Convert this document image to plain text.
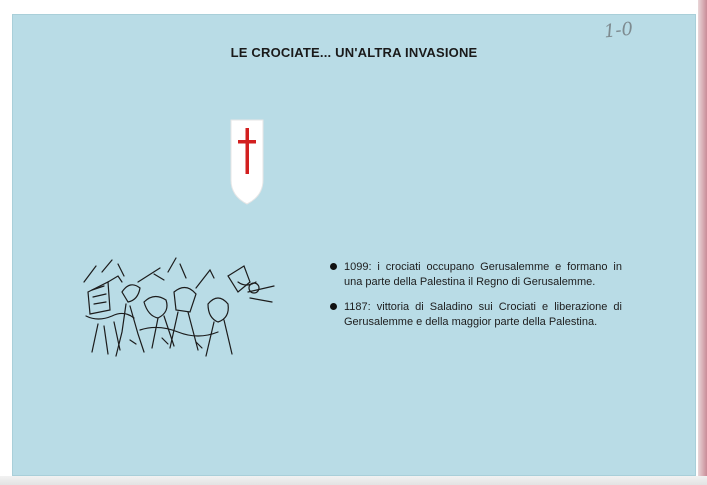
LE CROCIATE... UN'ALTRA INVASIONE
1099: i crociati occupano Gerusalemme e formano in una parte della Palestina il Regno di Gerusalemme.
1187: vittoria di Saladino sui Crociati e liberazione di Gerusalemme e della maggior parte della Palestina.
1-0
